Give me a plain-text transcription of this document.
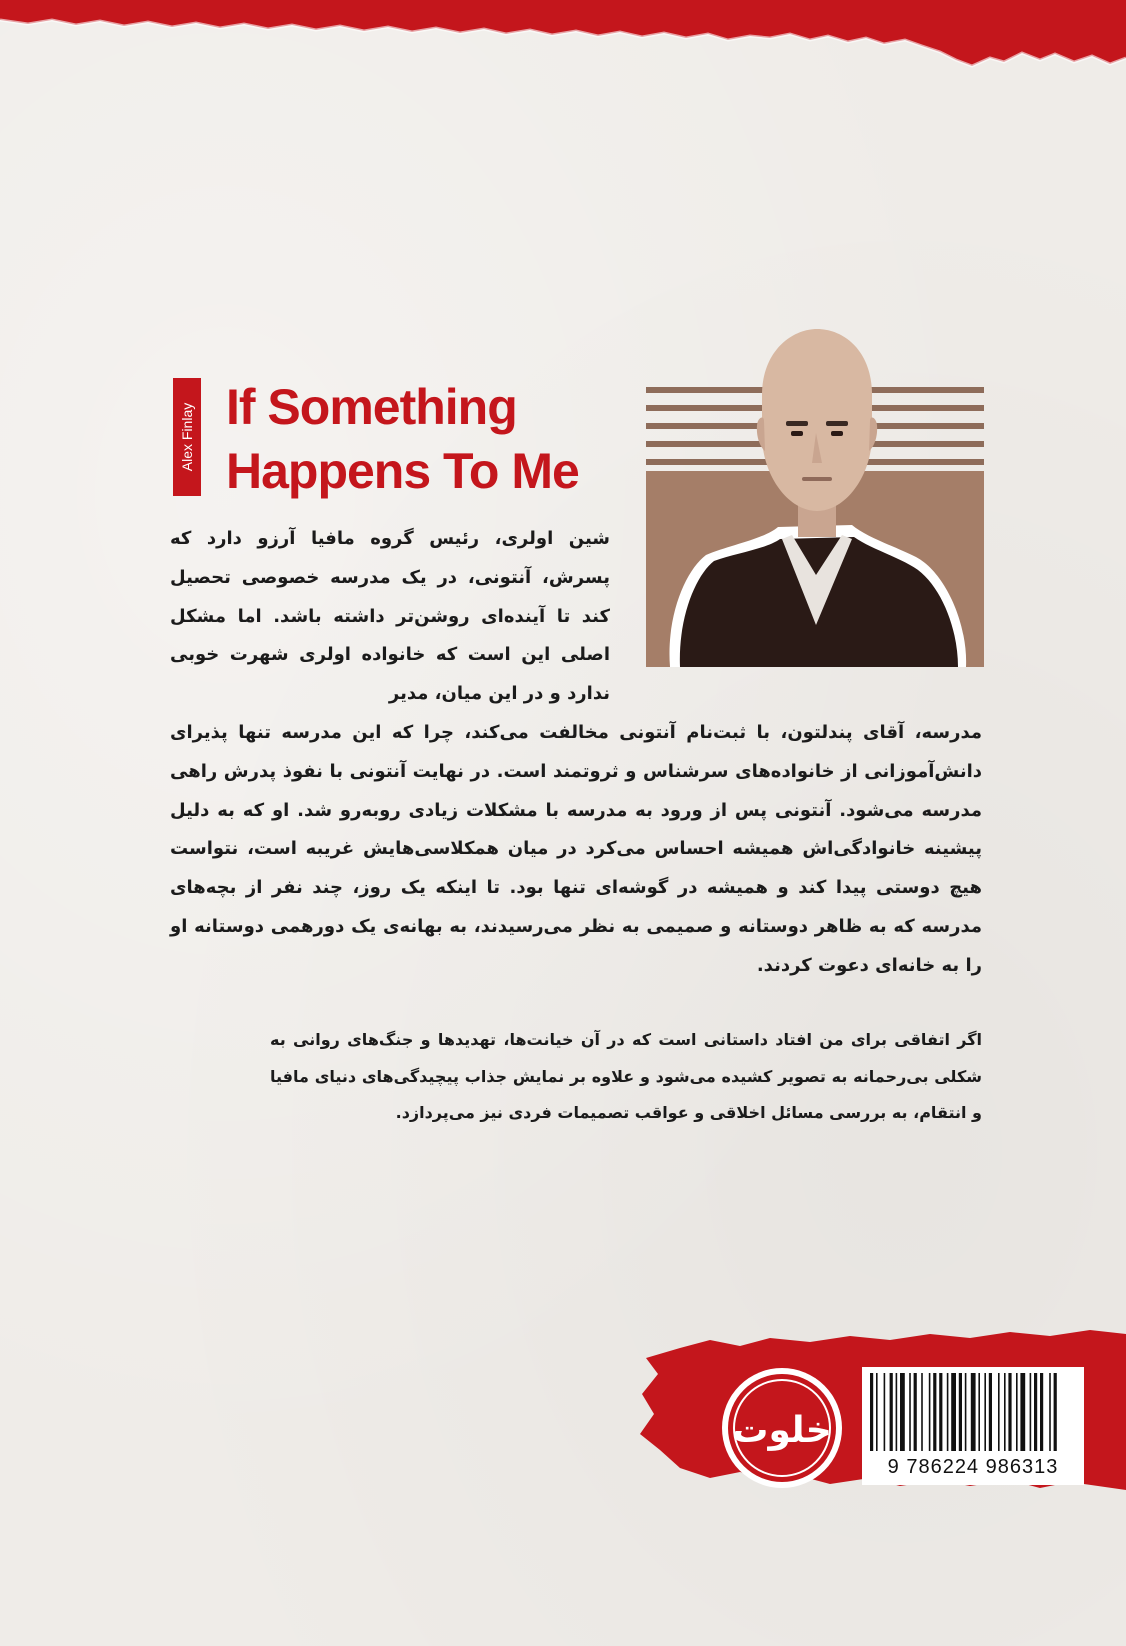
Alex Finlay If Something
Happens To Me

شین اولری، رئیس گروه مافیا آرزو دارد که پسرش، آنتونی، در یک مدرسه خصوصی تحصیل کند تا آینده‌ای روشن‌تر داشته باشد. اما مشکل اصلی این است که خانواده اولری شهرت خوبی ندارد و در این میان، مدیر

مدرسه، آقای پندلتون، با ثبت‌نام آنتونی مخالفت می‌کند، چرا که این مدرسه تنها پذیرای دانش‌آموزانی از خانواده‌های سرشناس و ثروتمند است. در نهایت آنتونی با نفوذ پدرش راهی مدرسه می‌شود. آنتونی پس از ورود به مدرسه با مشکلات زیادی روبه‌رو شد. او که به دلیل پیشینه خانوادگی‌اش همیشه احساس می‌کرد در میان همکلاسی‌هایش غریبه است، نتواست هیچ دوستی پیدا کند و همیشه در گوشه‌ای تنها بود. تا اینکه یک روز، چند نفر از بچه‌های مدرسه که به ظاهر دوستانه و صمیمی به نظر می‌رسیدند، به بهانه‌ی یک دورهمی دوستانه او را به خانه‌ای دعوت کردند.

اگر اتفاقی برای من افتاد داستانی است که در آن خیانت‌ها، تهدیدها و جنگ‌های روانی به شکلی بی‌رحمانه به تصویر کشیده می‌شود و علاوه بر نمایش جذاب پیچیدگی‌های دنیای مافیا و انتقام، به بررسی مسائل اخلاقی و عواقب تصمیمات فردی نیز می‌پردازد.

خلوت
9 786224 986313
